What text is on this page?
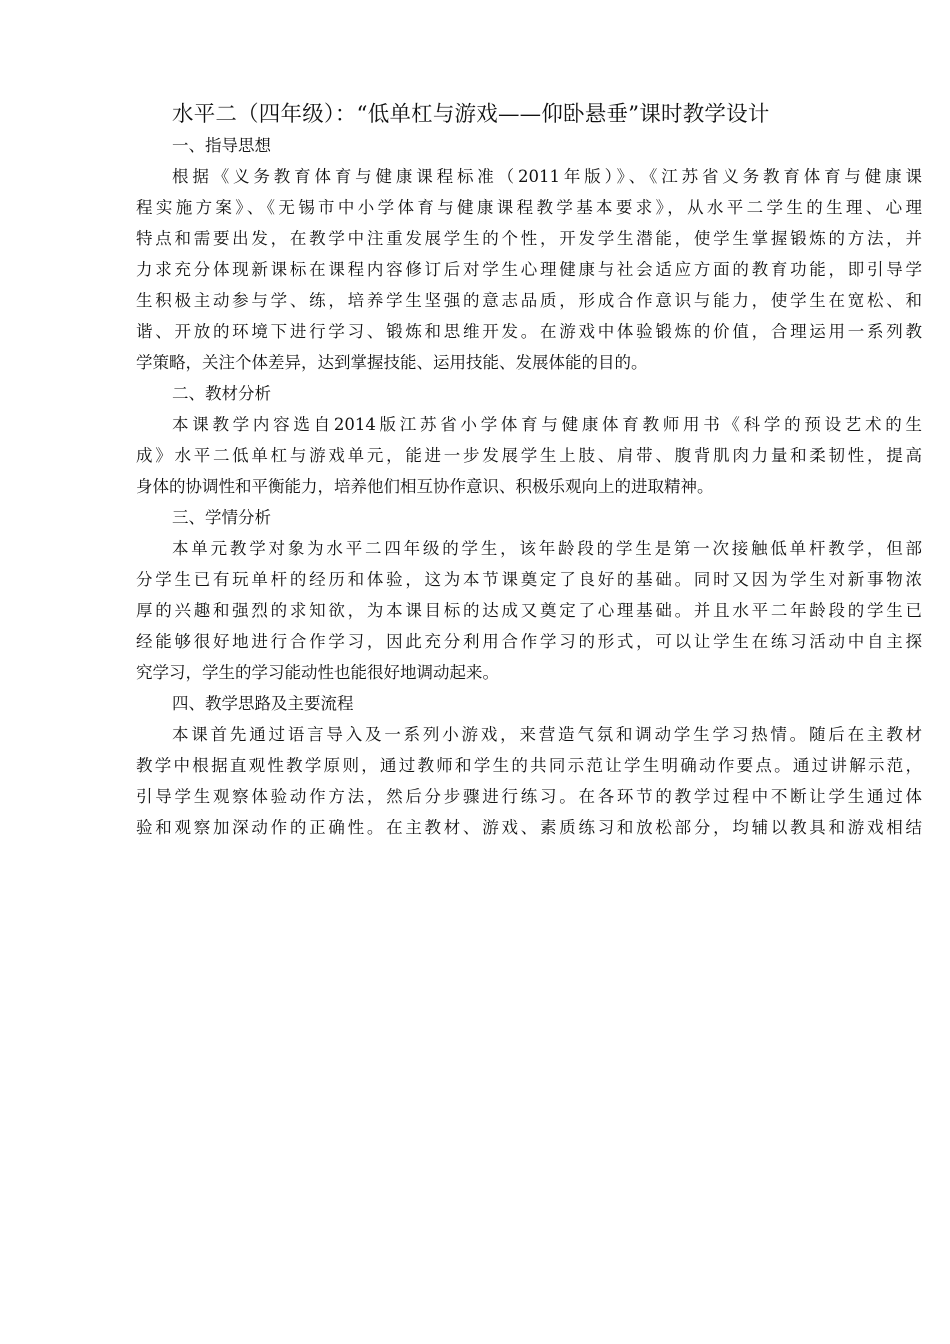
水平二（四年级）：“低单杠与游戏——仰卧悬垂”课时教学设计
一、指导思想
根据《义务教育体育与健康课程标准（2011年版）》、《江苏省义务教育体育与健康课
程实施方案》、《无锡市中小学体育与健康课程教学基本要求》，从水平二学生的生理、心理
特点和需要出发，在教学中注重发展学生的个性，开发学生潜能，使学生掌握锻炼的方法，并
力求充分体现新课标在课程内容修订后对学生心理健康与社会适应方面的教育功能，即引导学
生积极主动参与学、练，培养学生坚强的意志品质，形成合作意识与能力，使学生在宽松、和
谐、开放的环境下进行学习、锻炼和思维开发。在游戏中体验锻炼的价值，合理运用一系列教
学策略，关注个体差异，达到掌握技能、运用技能、发展体能的目的。
二、教材分析
本课教学内容选自2014版江苏省小学体育与健康体育教师用书《科学的预设艺术的生
成》水平二低单杠与游戏单元，能进一步发展学生上肢、肩带、腹背肌肉力量和柔韧性，提高
身体的协调性和平衡能力，培养他们相互协作意识、积极乐观向上的进取精神。
三、学情分析
本单元教学对象为水平二四年级的学生，该年龄段的学生是第一次接触低单杆教学，但部
分学生已有玩单杆的经历和体验，这为本节课奠定了良好的基础。同时又因为学生对新事物浓
厚的兴趣和强烈的求知欲，为本课目标的达成又奠定了心理基础。并且水平二年龄段的学生已
经能够很好地进行合作学习，因此充分利用合作学习的形式，可以让学生在练习活动中自主探
究学习，学生的学习能动性也能很好地调动起来。
四、教学思路及主要流程
本课首先通过语言导入及一系列小游戏，来营造气氛和调动学生学习热情。随后在主教材
教学中根据直观性教学原则，通过教师和学生的共同示范让学生明确动作要点。通过讲解示范，
引导学生观察体验动作方法，然后分步骤进行练习。在各环节的教学过程中不断让学生通过体
验和观察加深动作的正确性。在主教材、游戏、素质练习和放松部分，均辅以教具和游戏相结
